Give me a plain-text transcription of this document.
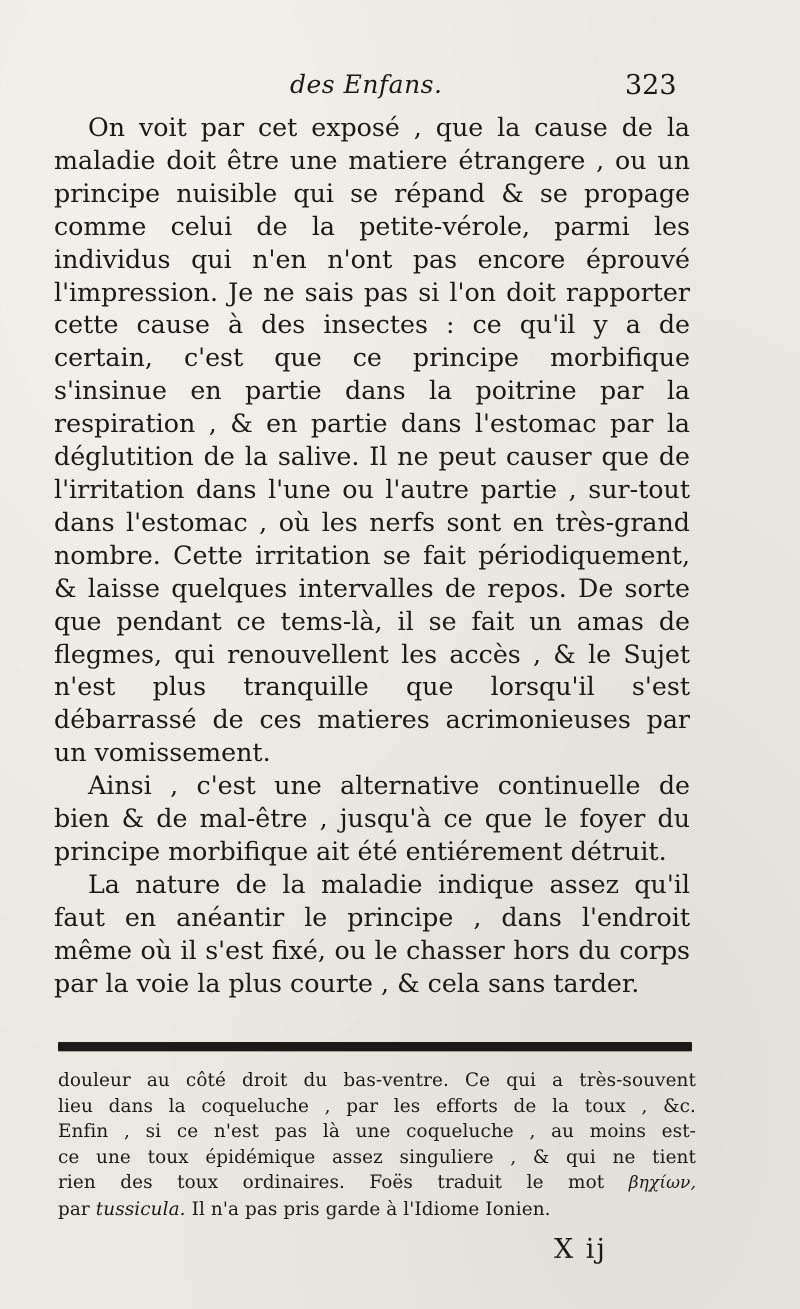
des Enfans.	323

On voit par cet exposé , que la cause de la maladie doit être une matiere étrangere , ou un principe nuisible qui se répand & se propage comme celui de la petite-vérole, parmi les individus qui n'en n'ont pas encore éprouvé l'impression. Je ne sais pas si l'on doit rapporter cette cause à des insectes : ce qu'il y a de certain, c'est que ce principe morbifique s'insinue en partie dans la poitrine par la respiration , & en partie dans l'estomac par la déglutition de la salive. Il ne peut causer que de l'irritation dans l'une ou l'autre partie , sur-tout dans l'estomac , où les nerfs sont en très-grand nombre. Cette irritation se fait périodiquement, & laisse quelques intervalles de repos. De sorte que pendant ce tems-là, il se fait un amas de flegmes, qui renouvellent les accès , & le Sujet n'est plus tranquille que lorsqu'il s'est débarrassé de ces matieres acrimonieuses par un vomissement.

Ainsi , c'est une alternative continuelle de bien & de mal-être , jusqu'à ce que le foyer du principe morbifique ait été entiérement détruit.

La nature de la maladie indique assez qu'il faut en anéantir le principe , dans l'endroit même où il s'est fixé, ou le chasser hors du corps par la voie la plus courte , & cela sans tarder.

douleur au côté droit du bas-ventre. Ce qui a très-souvent
lieu dans la coqueluche , par les efforts de la toux , &c.
Enfin , si ce n'est pas là une coqueluche , au moins est-
ce une toux épidémique assez singuliere , & qui ne tient
rien des toux ordinaires. Foës traduit le mot βηχίων,
par tussicula. Il n'a pas pris garde à l'Idiome Ionien.
X ij
